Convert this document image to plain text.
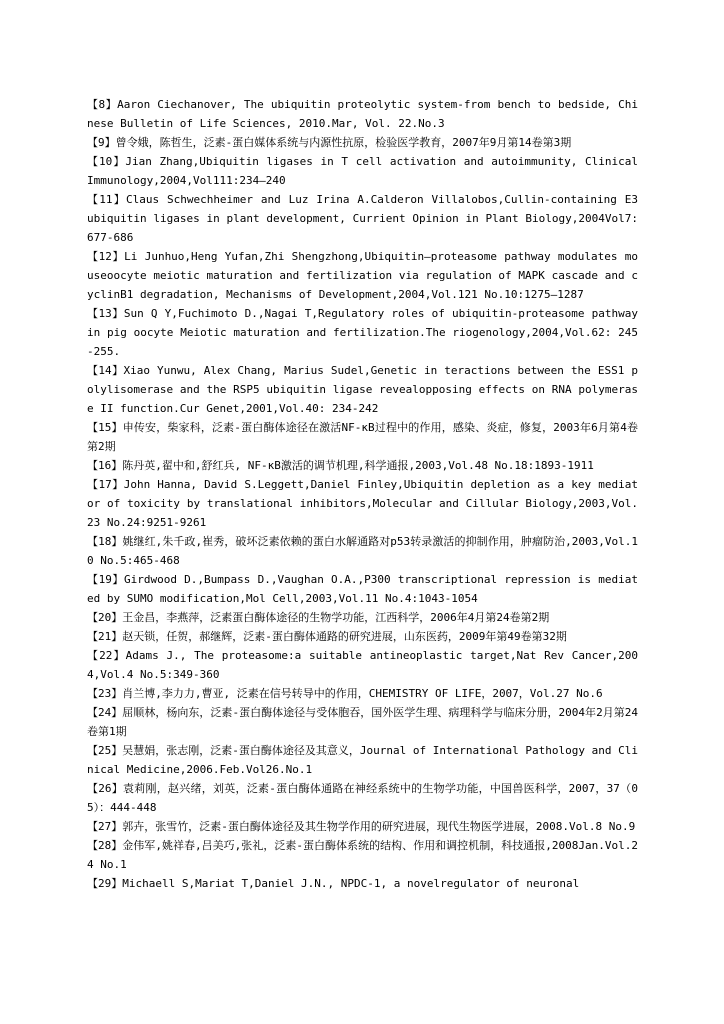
【8】Aaron Ciechanover, The ubiquitin proteolytic system-from bench to bedside, Chinese Bulletin of Life Sciences, 2010.Mar, Vol. 22.No.3

【9】曾令娥，陈哲生，泛素-蛋白媒体系统与内源性抗原，检验医学教育，2007年9月第14卷第3期

【10】Jian Zhang,Ubiquitin ligases in T cell activation and autoimmunity, Clinical Immunology,2004,Vol111:234–240

【11】Claus Schwechheimer and Luz Irina A.Calderon Villalobos,Cullin-containing E3 ubiquitin ligases in plant development, Currient Opinion in Plant Biology,2004Vol7:677-686

【12】Li Junhuo,Heng Yufan,Zhi Shengzhong,Ubiquitin–proteasome pathway modulates mouseoocyte meiotic maturation and fertilization via regulation of MAPK cascade and cyclinB1 degradation, Mechanisms of Development,2004,Vol.121 No.10:1275–1287

【13】Sun Q Y,Fuchimoto D.,Nagai T,Regulatory roles of ubiquitin-proteasome pathway in pig oocyte Meiotic maturation and fertilization.The riogenology,2004,Vol.62: 245-255.

【14】Xiao Yunwu, Alex Chang, Marius Sudel,Genetic in teractions between the ESS1 polylisomerase and the RSP5 ubiquitin ligase revealopposing effects on RNA polymerase II function.Cur Genet,2001,Vol.40: 234-242

【15】申传安，柴家科，泛素-蛋白酶体途径在激活NF-κB过程中的作用，感染、炎症，修复，2003年6月第4卷第2期

【16】陈丹英,翟中和,舒红兵, NF-κB激活的调节机理,科学通报,2003,Vol.48 No.18:1893-1911

【17】John Hanna, David S.Leggett,Daniel Finley,Ubiquitin depletion as a key mediator of toxicity by translational inhibitors,Molecular and Cillular Biology,2003,Vol.23 No.24:9251-9261

【18】姚继红,朱千政,崔秀，破坏泛素依赖的蛋白水解通路对p53转录激活的抑制作用，肿瘤防治,2003,Vol.10 No.5:465-468

【19】Girdwood D.,Bumpass D.,Vaughan O.A.,P300 transcriptional repression is mediated by SUMO modification,Mol Cell,2003,Vol.11 No.4:1043-1054

【20】王金昌，李燕萍，泛素蛋白酶体途径的生物学功能，江西科学，2006年4月第24卷第2期

【21】赵天锁，任贺，郝继辉，泛素-蛋白酶体通路的研究进展，山东医药，2009年第49卷第32期

【22】Adams J., The proteasome:a suitable antineoplastic target,Nat Rev Cancer,2004,Vol.4 No.5:349-360

【23】肖兰博,李力力,曹亚, 泛素在信号转导中的作用，CHEMISTRY OF LIFE，2007，Vol.27 No.6

【24】屈顺林，杨向东，泛素-蛋白酶体途径与受体胞吞，国外医学生理、病理科学与临床分册，2004年2月第24卷第1期

【25】吴慧娟，张志刚，泛素-蛋白酶体途径及其意义，Journal of International Pathology and Clinical Medicine,2006.Feb.Vol26.No.1

【26】袁莉刚，赵兴绪，刘英，泛素-蛋白酶体通路在神经系统中的生物学功能，中国兽医科学，2007，37（05）：444-448

【27】郭卉，张雪竹，泛素-蛋白酶体途径及其生物学作用的研究进展，现代生物医学进展，2008.Vol.8 No.9

【28】金伟军,姚祥春,吕美巧,张礼，泛素-蛋白酶体系统的结构、作用和调控机制，科技通报,2008Jan.Vol.24 No.1

【29】Michaell S,Mariat T,Daniel J.N., NPDC-1, a novelregulator of neuronal
